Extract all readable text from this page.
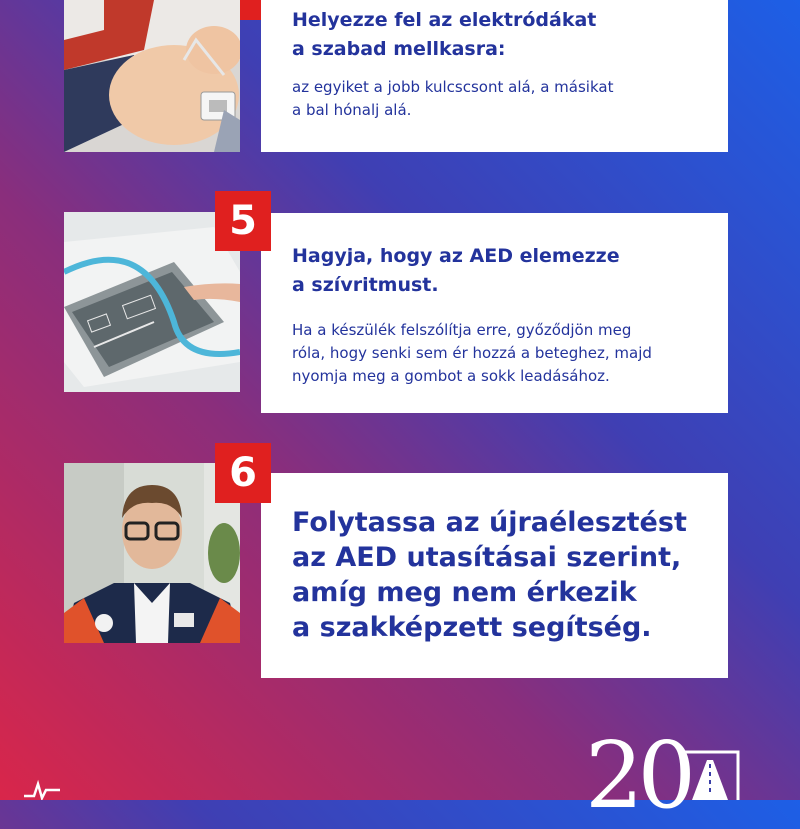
Helyezze fel az elektródákat
a szabad mellkasra:

az egyiket a jobb kulcscsont alá, a másikat
a bal hónalj alá.

Hagyja, hogy az AED elemezze
a szívritmust.

Ha a készülék felszólítja erre, győződjön meg
róla, hogy senki sem ér hozzá a beteghez, majd
nyomja meg a gombot a sokk leadásához.

5

Folytassa az újraélesztést
az AED utasításai szerint,
amíg meg nem érkezik
a szakképzett segítség.

6
20
